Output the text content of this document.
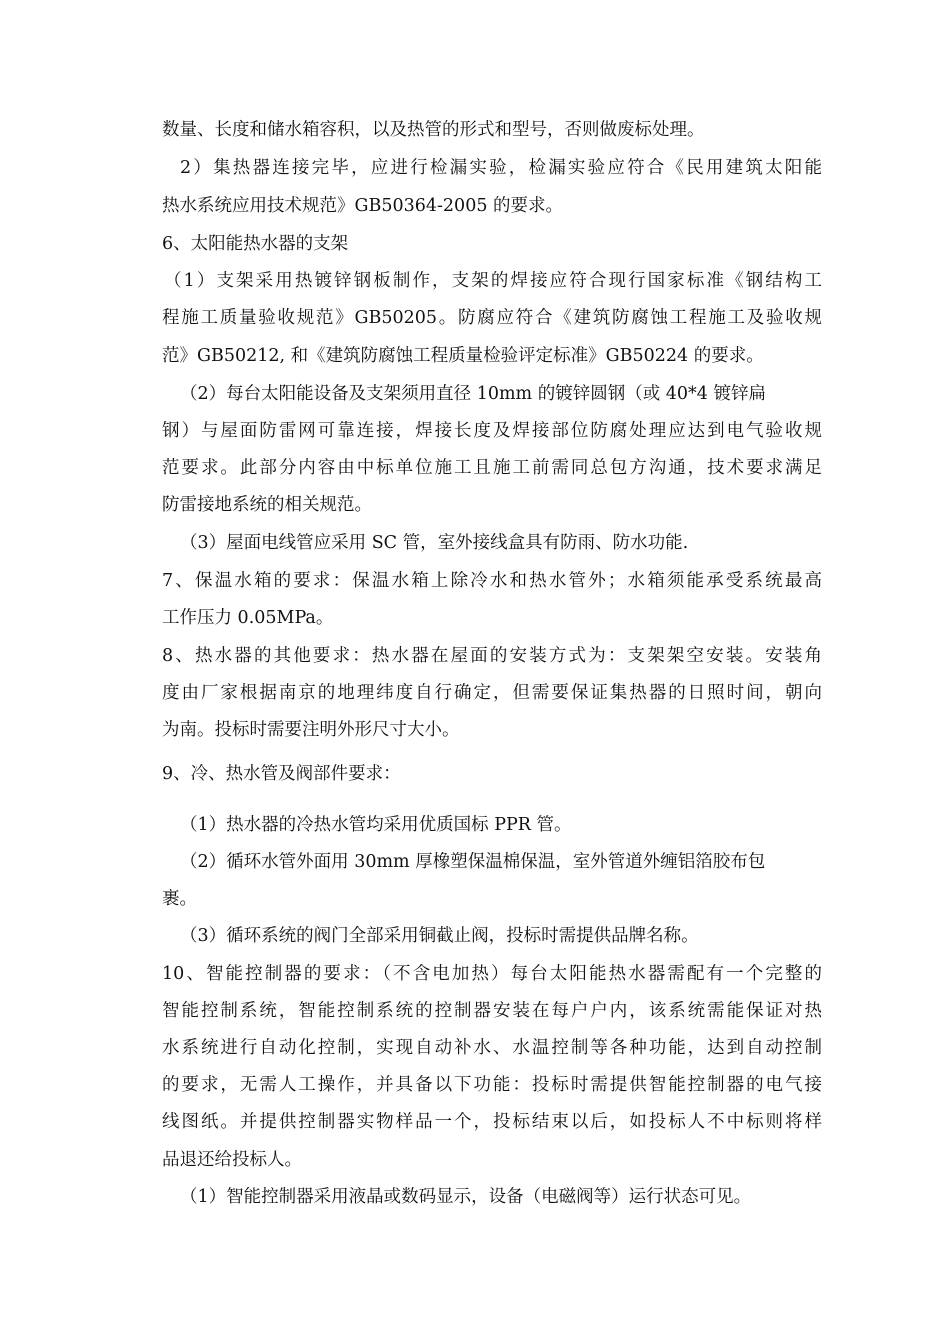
数量、长度和储水箱容积，以及热管的形式和型号，否则做废标处理。
2）集热器连接完毕，应进行检漏实验，检漏实验应符合《民用建筑太阳能
热水系统应用技术规范》GB50364-2005 的要求。
6、太阳能热水器的支架
（1）支架采用热镀锌钢板制作，支架的焊接应符合现行国家标准《钢结构工
程施工质量验收规范》GB50205。防腐应符合《建筑防腐蚀工程施工及验收规
范》GB50212, 和《建筑防腐蚀工程质量检验评定标准》GB50224 的要求。
（2）每台太阳能设备及支架须用直径 10mm 的镀锌圆钢（或 40*4 镀锌扁
钢）与屋面防雷网可靠连接，焊接长度及焊接部位防腐处理应达到电气验收规
范要求。此部分内容由中标单位施工且施工前需同总包方沟通，技术要求满足
防雷接地系统的相关规范。
（3）屋面电线管应采用 SC 管，室外接线盒具有防雨、防水功能.
7、保温水箱的要求：保温水箱上除冷水和热水管外；水箱须能承受系统最高
工作压力 0.05MPa。
8、热水器的其他要求：热水器在屋面的安装方式为：支架架空安装。安装角
度由厂家根据南京的地理纬度自行确定，但需要保证集热器的日照时间，朝向
为南。投标时需要注明外形尺寸大小。
9、冷、热水管及阀部件要求：
（1）热水器的冷热水管均采用优质国标 PPR 管。
（2）循环水管外面用 30mm 厚橡塑保温棉保温，室外管道外缠铝箔胶布包
裹。
（3）循环系统的阀门全部采用铜截止阀，投标时需提供品牌名称。
10、智能控制器的要求：（不含电加热）每台太阳能热水器需配有一个完整的
智能控制系统，智能控制系统的控制器安装在每户户内，该系统需能保证对热
水系统进行自动化控制，实现自动补水、水温控制等各种功能，达到自动控制
的要求，无需人工操作，并具备以下功能：投标时需提供智能控制器的电气接
线图纸。并提供控制器实物样品一个，投标结束以后，如投标人不中标则将样
品退还给投标人。
（1）智能控制器采用液晶或数码显示，设备（电磁阀等）运行状态可见。
